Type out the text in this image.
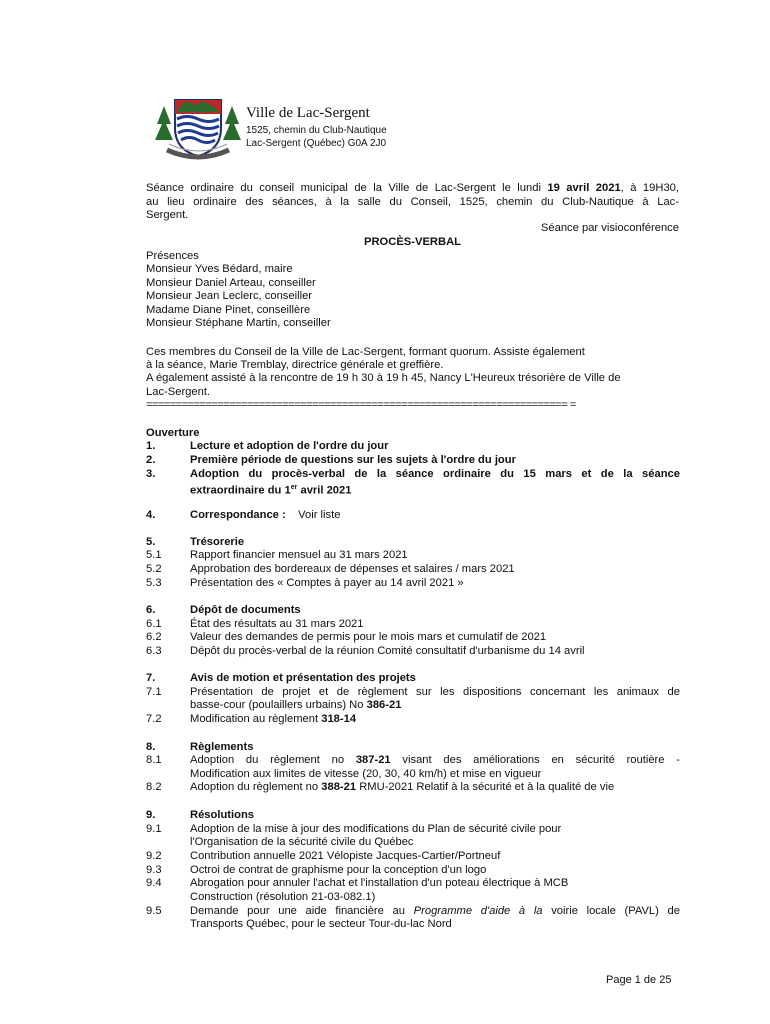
Ville de Lac-Sergent
1525, chemin du Club-Nautique
Lac-Sergent (Québec) G0A 2J0
Séance ordinaire du conseil municipal de la Ville de Lac-Sergent le lundi 19 avril 2021, à 19H30,
au lieu ordinaire des séances, à la salle du Conseil, 1525, chemin du Club-Nautique à Lac-
Sergent.
Séance par visioconférence
PROCÈS-VERBAL
Présences
Monsieur Yves Bédard, maire
Monsieur Daniel Arteau, conseiller
Monsieur Jean Leclerc, conseiller
Madame Diane Pinet, conseillère
Monsieur Stéphane Martin, conseiller
Ces membres du Conseil de la Ville de Lac-Sergent, formant quorum. Assiste également
à la séance, Marie Tremblay, directrice générale et greffière.
A également assisté à la rencontre de 19 h 30 à 19 h 45, Nancy L'Heureux trésorière de Ville de
Lac-Sergent.
======================================================================= =
Ouverture
1.	Lecture et adoption de l'ordre du jour
2.	Première période de questions sur les sujets à l'ordre du jour
3.	Adoption du procès-verbal de la séance ordinaire du 15 mars et de la séance
extraordinaire du 1er avril 2021
4.	Correspondance : Voir liste
5.	Trésorerie
5.1	Rapport financier mensuel au 31 mars 2021
5.2	Approbation des bordereaux de dépenses et salaires / mars 2021
5.3	Présentation des « Comptes à payer au 14 avril 2021 »
6.	Dépôt de documents
6.1	État des résultats au 31 mars 2021
6.2	Valeur des demandes de permis pour le mois mars et cumulatif de 2021
6.3	Dépôt du procès-verbal de la réunion Comité consultatif d'urbanisme du 14 avril
7.	Avis de motion et présentation des projets
7.1	Présentation de projet et de règlement sur les dispositions concernant les animaux de
basse-cour (poulaillers urbains) No 386-21
7.2	Modification au règlement 318-14
8.	Règlements
8.1	Adoption du règlement no 387-21 visant des améliorations en sécurité routière -
Modification aux limites de vitesse (20, 30, 40 km/h) et mise en vigueur
8.2	Adoption du règlement no 388-21 RMU-2021 Relatif à la sécurité et à la qualité de vie
9.	Résolutions
9.1	Adoption de la mise à jour des modifications du Plan de sécurité civile pour
l'Organisation de la sécurité civile du Québec
9.2	Contribution annuelle 2021 Vélopiste Jacques-Cartier/Portneuf
9.3	Octroi de contrat de graphisme pour la conception d'un logo
9.4	Abrogation pour annuler l'achat et l'installation d'un poteau électrique à MCB
Construction (résolution 21-03-082.1)
9.5	Demande pour une aide financière au Programme d'aide à la voirie locale (PAVL) de
Transports Québec, pour le secteur Tour-du-lac Nord
Page 1 de 25
